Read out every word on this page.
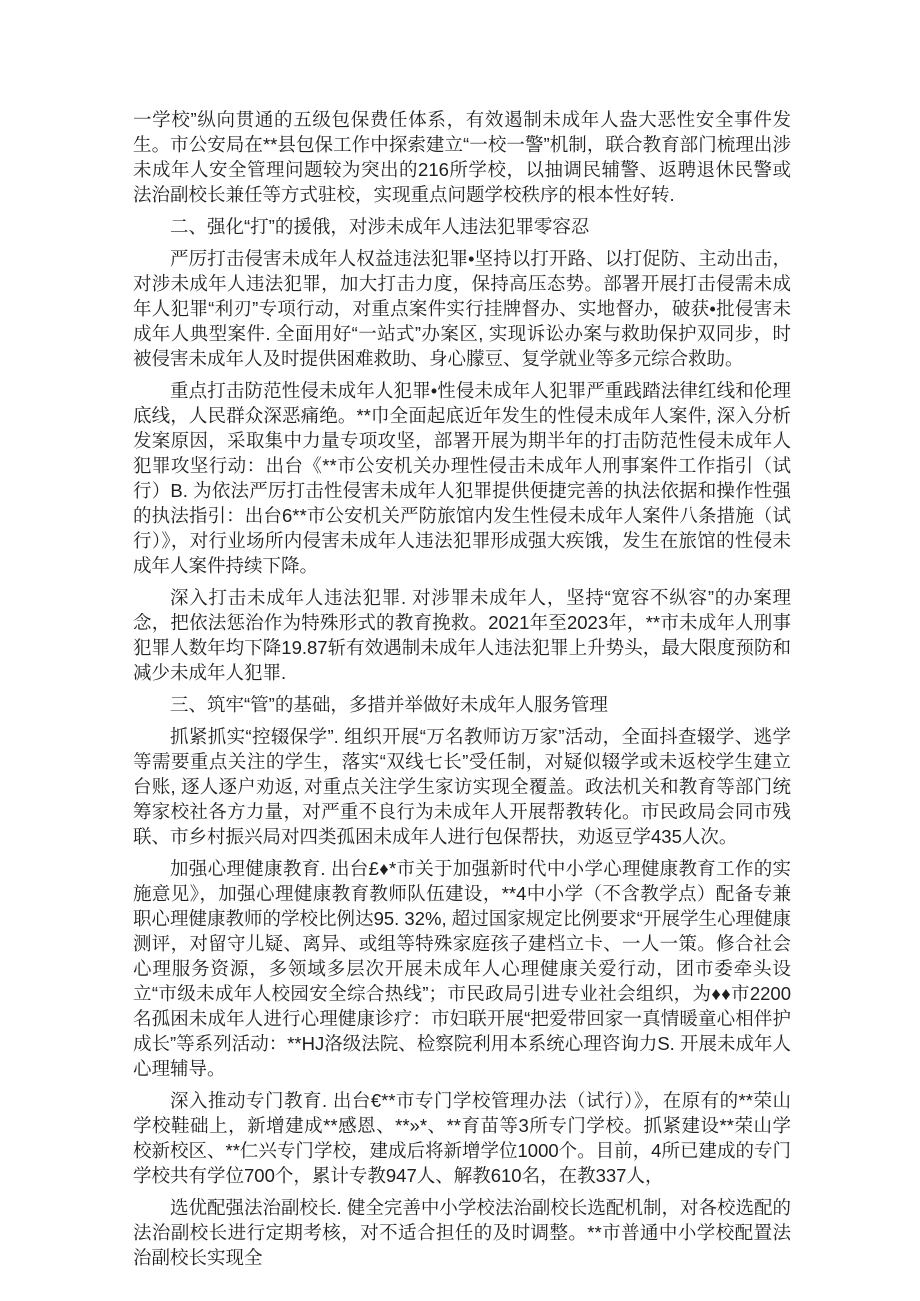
一学校”纵向贯通的五级包保费任体系，有效遏制未成年人盎大恶性安全事件发生。市公安局在**县包保工作中探索建立“一校一警”机制，联合教育部门梳理出涉未成年人安全管理问题较为突出的216所学校，以抽调民辅警、返聘退休民警或法治副校长兼任等方式驻校，实现重点问题学校秩序的根本性好转.

二、强化“打”的援俄，对涉未成年人违法犯罪零容忍

严厉打击侵害未成年人权益违法犯罪•坚持以打开路、以打促防、主动出击，对涉未成年人违法犯罪，加大打击力度，保持高压态势。部署开展打击侵需未成年人犯罪“利刃”专项行动，对重点案件实行挂牌督办、实地督办，破获•批侵害未成年人典型案件. 全面用好“一站式”办案区, 实现诉讼办案与救助保护双同步，时被侵害未成年人及时提供困难救助、身心朦豆、复学就业等多元综合救助。

重点打击防范性侵未成年人犯罪•性侵未成年人犯罪严重践踏法律红线和伦理底线，人民群众深恶痛绝。**巾全面起底近年发生的性侵未成年人案件, 深入分析发案原因，采取集中力量专项攻坚，部署开展为期半年的打击防范性侵未成年人犯罪攻坚行动：出台《**市公安机关办理性侵击未成年人刑事案件工作指引（试行）B. 为依法严厉打击性侵害未成年人犯罪提供便捷完善的执法依据和操作性强的执法指引：出台6**市公安机关严防旅馆内发生性侵未成年人案件八条措施（试行）》，对行业场所内侵害未成年人违法犯罪形成强大疾饿，发生在旅馆的性侵未成年人案件持续下降。

深入打击未成年人违法犯罪. 对涉罪未成年人，坚持“宽容不纵容”的办案理念，把依法惩治作为特殊形式的教育挽救。2021年至2023年，**市未成年人刑事犯罪人数年均下降19.87斩有效遇制未成年人违法犯罪上升势头，最大限度预防和减少未成年人犯罪.

三、筑牢“管”的基础，多措并举做好未成年人服务管理

抓紧抓实“控辍保学”. 组织开展“万名教师访万家”活动，全面抖查辍学、逃学等需要重点关注的学生，落实“双线七长”受任制，对疑似辍学或未返校学生建立台账, 逐人逐户劝返, 对重点关注学生家访实现全覆盖。政法机关和教育等部门统筹家校社各方力量，对严重不良行为未成年人开展帮教转化。市民政局会同市残联、市乡村振兴局对四类孤困未成年人进行包保帮扶，劝返豆学435人次。

加强心理健康教育. 出台£♦*市关于加强新时代中小学心理健康教育工作的实施意见》，加强心理健康教育教师队伍建设，**4中小学（不含教学点）配备专兼职心理健康教师的学校比例达95. 32%, 超过国家规定比例要求“开展学生心理健康测评，对留守儿疑、离异、或组等特殊家庭孩子建档立卡、一人一策。修合社会心理服务资源，多领域多层次开展未成年人心理健康关爱行动，团市委牵头设立“市级未成年人校园安全综合热线”；市民政局引进专业社会组织，为♦♦市2200名孤困未成年人进行心理健康诊疗：市妇联开展“把爱带回家一真情暖童心相伴护成长”等系列活动：**HJ洛级法院、检察院利用本系统心理咨询力S. 开展未成年人心理辅导。

深入推动专门教育. 出台€**市专门学校管理办法（试行）》，在原有的**荣山学校鞋础上，新增建成**感恩、**»*、**育苗等3所专门学校。抓紧建设**荣山学校新校区、**仁兴专门学校，建成后将新增学位1000个。目前，4所已建成的专门学校共有学位700个，累计专教947人、解教610名，在教337人，

选优配强法治副校长. 健全完善中小学校法治副校长选配机制，对各校选配的法治副校长进行定期考核，对不适合担任的及时调整。**市普通中小学校配置法治副校长实现全
